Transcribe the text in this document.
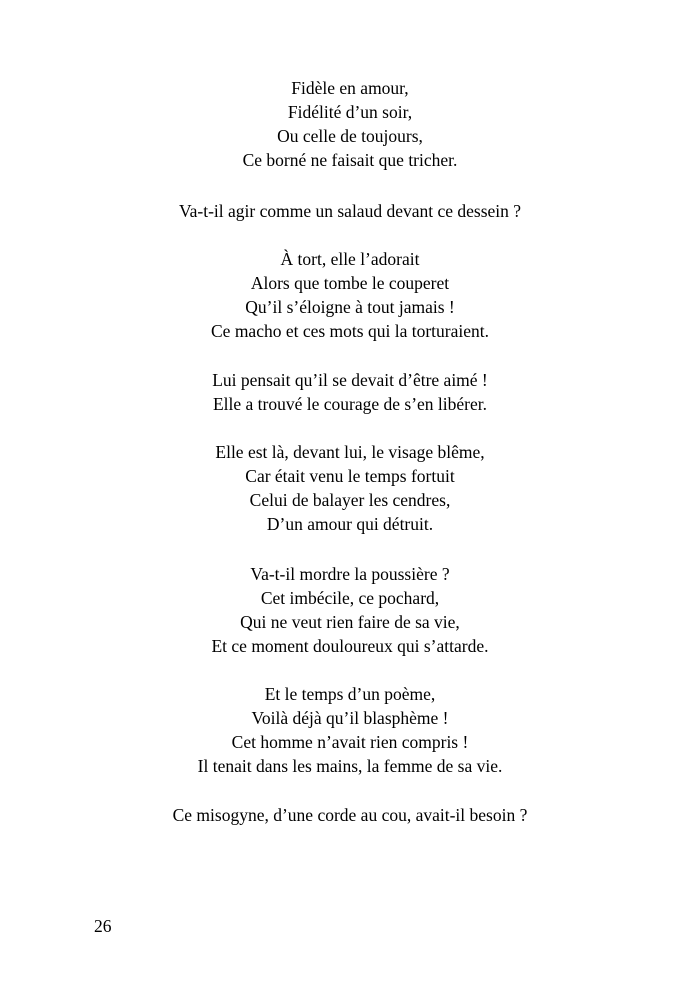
Fidèle en amour,
Fidélité d’un soir,
Ou celle de toujours,
Ce borné ne faisait que tricher.
Va-t-il agir comme un salaud devant ce dessein ?
À tort, elle l’adorait
Alors que tombe le couperet
Qu’il s’éloigne à tout jamais !
Ce macho et ces mots qui la torturaient.
Lui pensait qu’il se devait d’être aimé !
Elle a trouvé le courage de s’en libérer.
Elle est là, devant lui, le visage blême,
Car était venu le temps fortuit
Celui de balayer les cendres,
D’un amour qui détruit.
Va-t-il mordre la poussière ?
Cet imbécile, ce pochard,
Qui ne veut rien faire de sa vie,
Et ce moment douloureux qui s’attarde.
Et le temps d’un poème,
Voilà déjà qu’il blasphème !
Cet homme n’avait rien compris !
Il tenait dans les mains, la femme de sa vie.
Ce misogyne, d’une corde au cou, avait-il besoin ?
26
